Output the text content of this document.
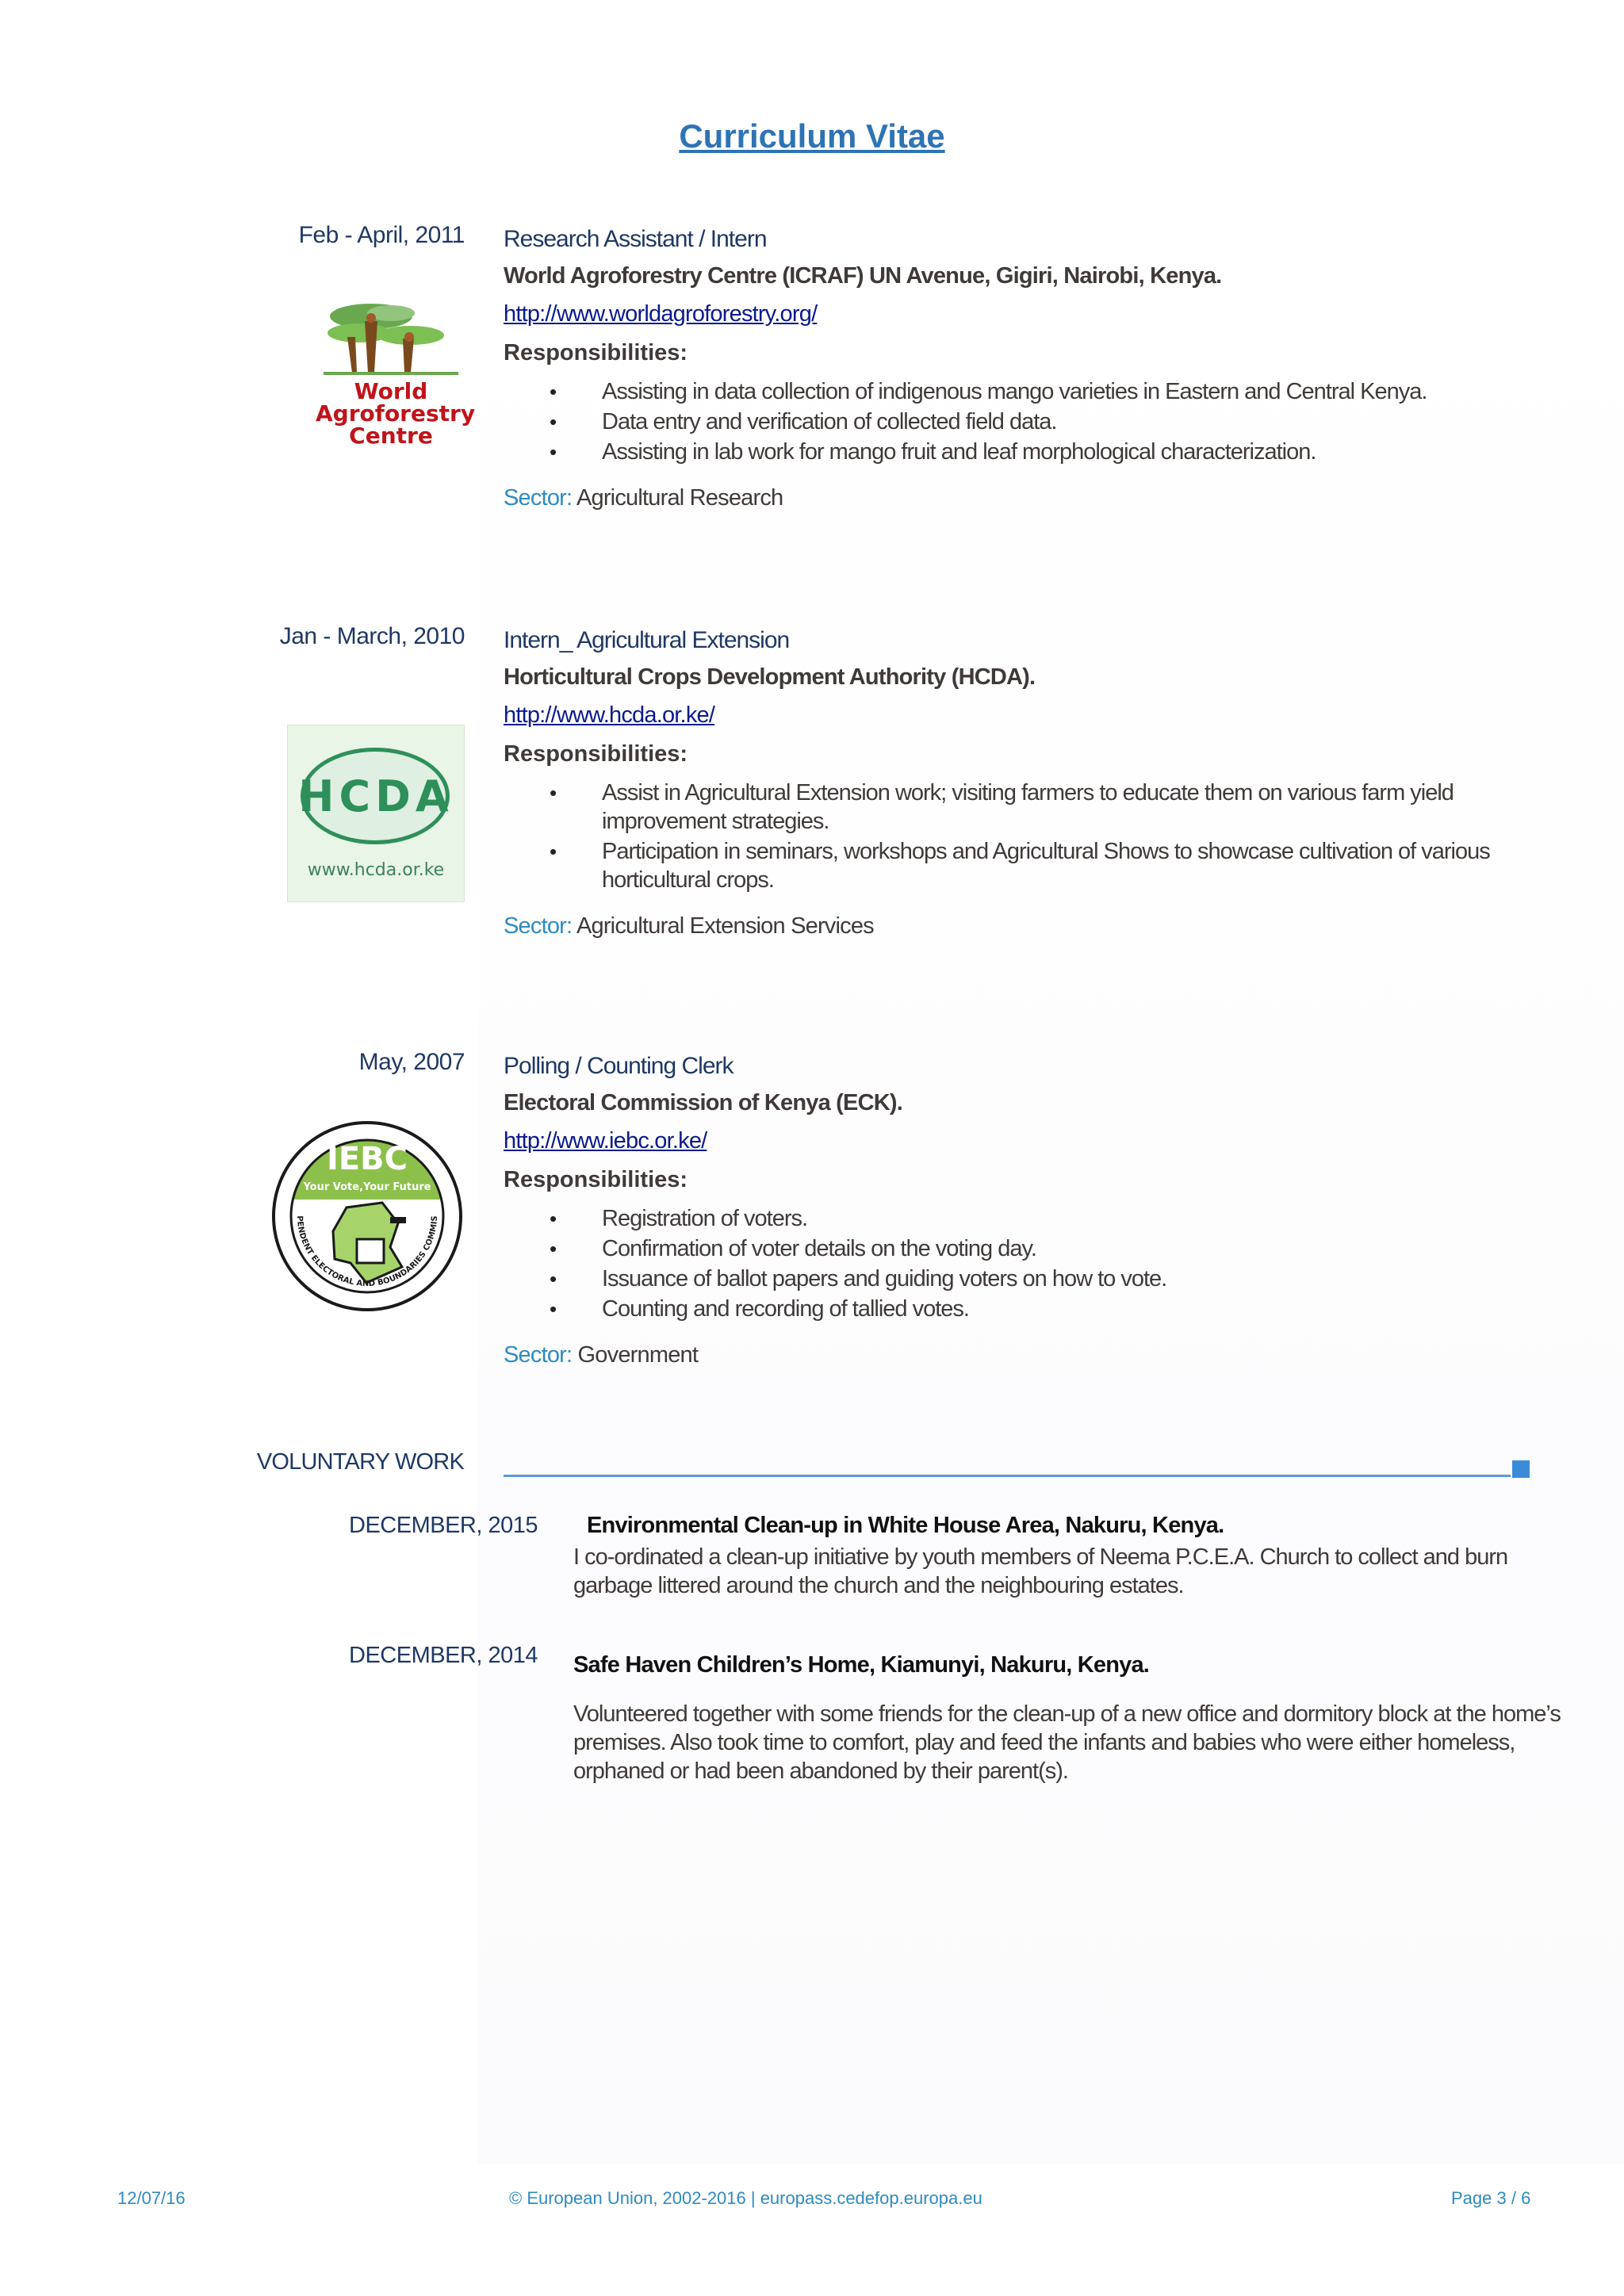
Curriculum Vitae
Feb - April, 2011 Research Assistant / Intern
World Agroforestry Centre (ICRAF) UN Avenue, Gigiri, Nairobi, Kenya.
http://www.worldagroforestry.org/
Responsibilities:
• Assisting in data collection of indigenous mango varieties in Eastern and Central Kenya.
• Data entry and verification of collected field data.
• Assisting in lab work for mango fruit and leaf morphological characterization.
Sector: Agricultural Research
World
Agroforestry
Centre
Jan - March, 2010 Intern_ Agricultural Extension
Horticultural Crops Development Authority (HCDA).
http://www.hcda.or.ke/
Responsibilities:
• Assist in Agricultural Extension work; visiting farmers to educate them on various farm yield improvement strategies.
• Participation in seminars, workshops and Agricultural Shows to showcase cultivation of various horticultural crops.
Sector: Agricultural Extension Services
HCDA
www.hcda.or.ke
May, 2007 Polling / Counting Clerk
Electoral Commission of Kenya (ECK).
http://www.iebc.or.ke/
Responsibilities:
• Registration of voters.
• Confirmation of voter details on the voting day.
• Issuance of ballot papers and guiding voters on how to vote.
• Counting and recording of tallied votes.
Sector: Government
IEBC
Your Vote,Your Future
PENDENT ELECTORAL AND BOUNDARIES COMMIS
VOLUNTARY WORK
DECEMBER, 2015 Environmental Clean-up in White House Area, Nakuru, Kenya.
I co-ordinated a clean-up initiative by youth members of Neema P.C.E.A. Church to collect and burn garbage littered around the church and the neighbouring estates.
DECEMBER, 2014 Safe Haven Children’s Home, Kiamunyi, Nakuru, Kenya.
Volunteered together with some friends for the clean-up of a new office and dormitory block at the home’s premises. Also took time to comfort, play and feed the infants and babies who were either homeless, orphaned or had been abandoned by their parent(s).
12/07/16	© European Union, 2002-2016 | europass.cedefop.europa.eu	Page 3 / 6
